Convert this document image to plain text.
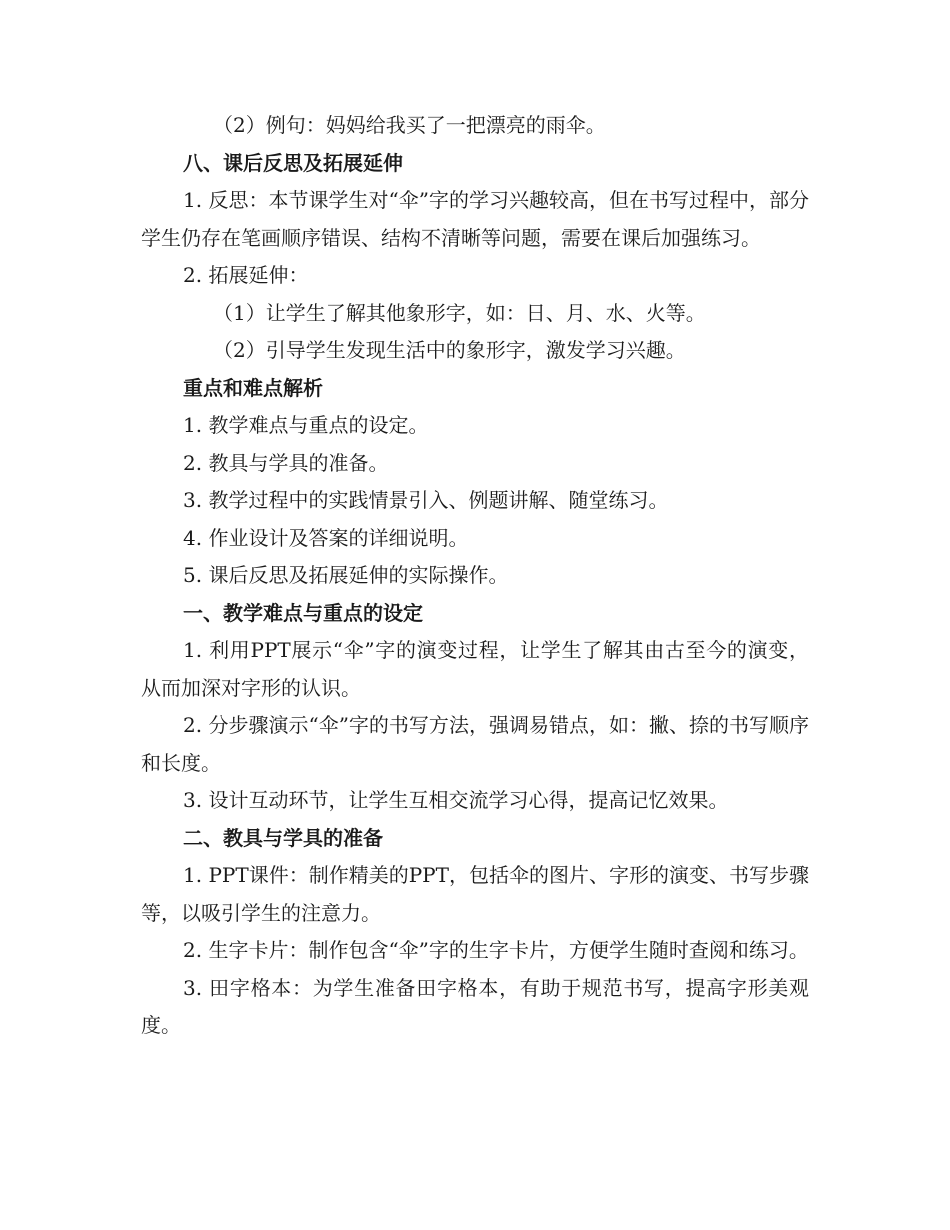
（2）例句：妈妈给我买了一把漂亮的雨伞。

八、课后反思及拓展延伸

1. 反思：本节课学生对“伞”字的学习兴趣较高，但在书写过程中，部分学生仍存在笔画顺序错误、结构不清晰等问题，需要在课后加强练习。

2. 拓展延伸：

（1）让学生了解其他象形字，如：日、月、水、火等。

（2）引导学生发现生活中的象形字，激发学习兴趣。

重点和难点解析

1. 教学难点与重点的设定。

2. 教具与学具的准备。

3. 教学过程中的实践情景引入、例题讲解、随堂练习。

4. 作业设计及答案的详细说明。

5. 课后反思及拓展延伸的实际操作。

一、教学难点与重点的设定

1. 利用PPT展示“伞”字的演变过程，让学生了解其由古至今的演变，从而加深对字形的认识。

2. 分步骤演示“伞”字的书写方法，强调易错点，如：撇、捺的书写顺序和长度。

3. 设计互动环节，让学生互相交流学习心得，提高记忆效果。

二、教具与学具的准备

1. PPT课件：制作精美的PPT，包括伞的图片、字形的演变、书写步骤等，以吸引学生的注意力。

2. 生字卡片：制作包含“伞”字的生字卡片，方便学生随时查阅和练习。

3. 田字格本：为学生准备田字格本，有助于规范书写，提高字形美观度。
